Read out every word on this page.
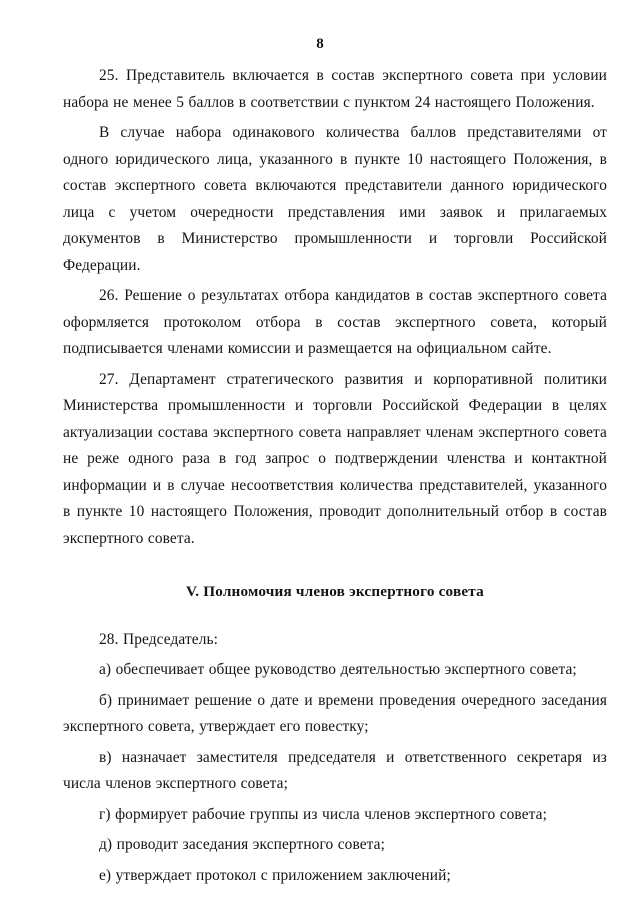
8

25. Представитель включается в состав экспертного совета при условии набора не менее 5 баллов в соответствии с пунктом 24 настоящего Положения.

В случае набора одинакового количества баллов представителями от одного юридического лица, указанного в пункте 10 настоящего Положения, в состав экспертного совета включаются представители данного юридического лица с учетом очередности представления ими заявок и прилагаемых документов в Министерство промышленности и торговли Российской Федерации.

26. Решение о результатах отбора кандидатов в состав экспертного совета оформляется протоколом отбора в состав экспертного совета, который подписывается членами комиссии и размещается на официальном сайте.

27. Департамент стратегического развития и корпоративной политики Министерства промышленности и торговли Российской Федерации в целях актуализации состава экспертного совета направляет членам экспертного совета не реже одного раза в год запрос о подтверждении членства и контактной информации и в случае несоответствия количества представителей, указанного в пункте 10 настоящего Положения, проводит дополнительный отбор в состав экспертного совета.

V. Полномочия членов экспертного совета

28. Председатель:

а) обеспечивает общее руководство деятельностью экспертного совета;

б) принимает решение о дате и времени проведения очередного заседания экспертного совета, утверждает его повестку;

в) назначает заместителя председателя и ответственного секретаря из числа членов экспертного совета;

г) формирует рабочие группы из числа членов экспертного совета;

д) проводит заседания экспертного совета;

е) утверждает протокол с приложением заключений;
